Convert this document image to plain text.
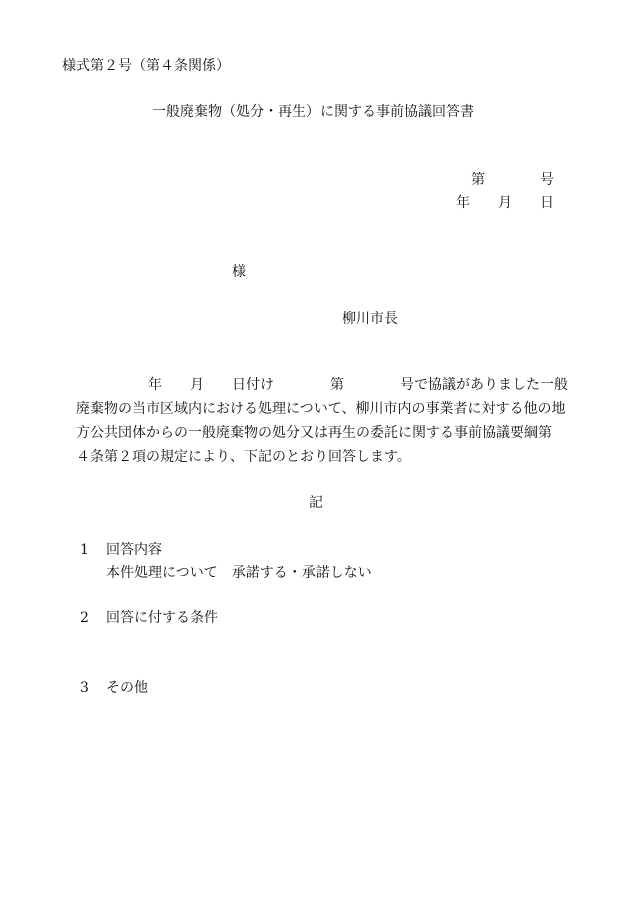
様式第２号（第４条関係）
一般廃棄物（処分・再生）に関する事前協議回答書
第	号
年 月 日
様
柳川市長
年 月 日付け	第	号で協議がありました一般
廃棄物の当市区域内における処理について、柳川市内の事業者に対する他の地
方公共団体からの一般廃棄物の処分又は再生の委託に関する事前協議要綱第
４条第２項の規定により、下記のとおり回答します。
記
1 回答内容
本件処理について　承諾する・承諾しない
2 回答に付する条件
3 その他
